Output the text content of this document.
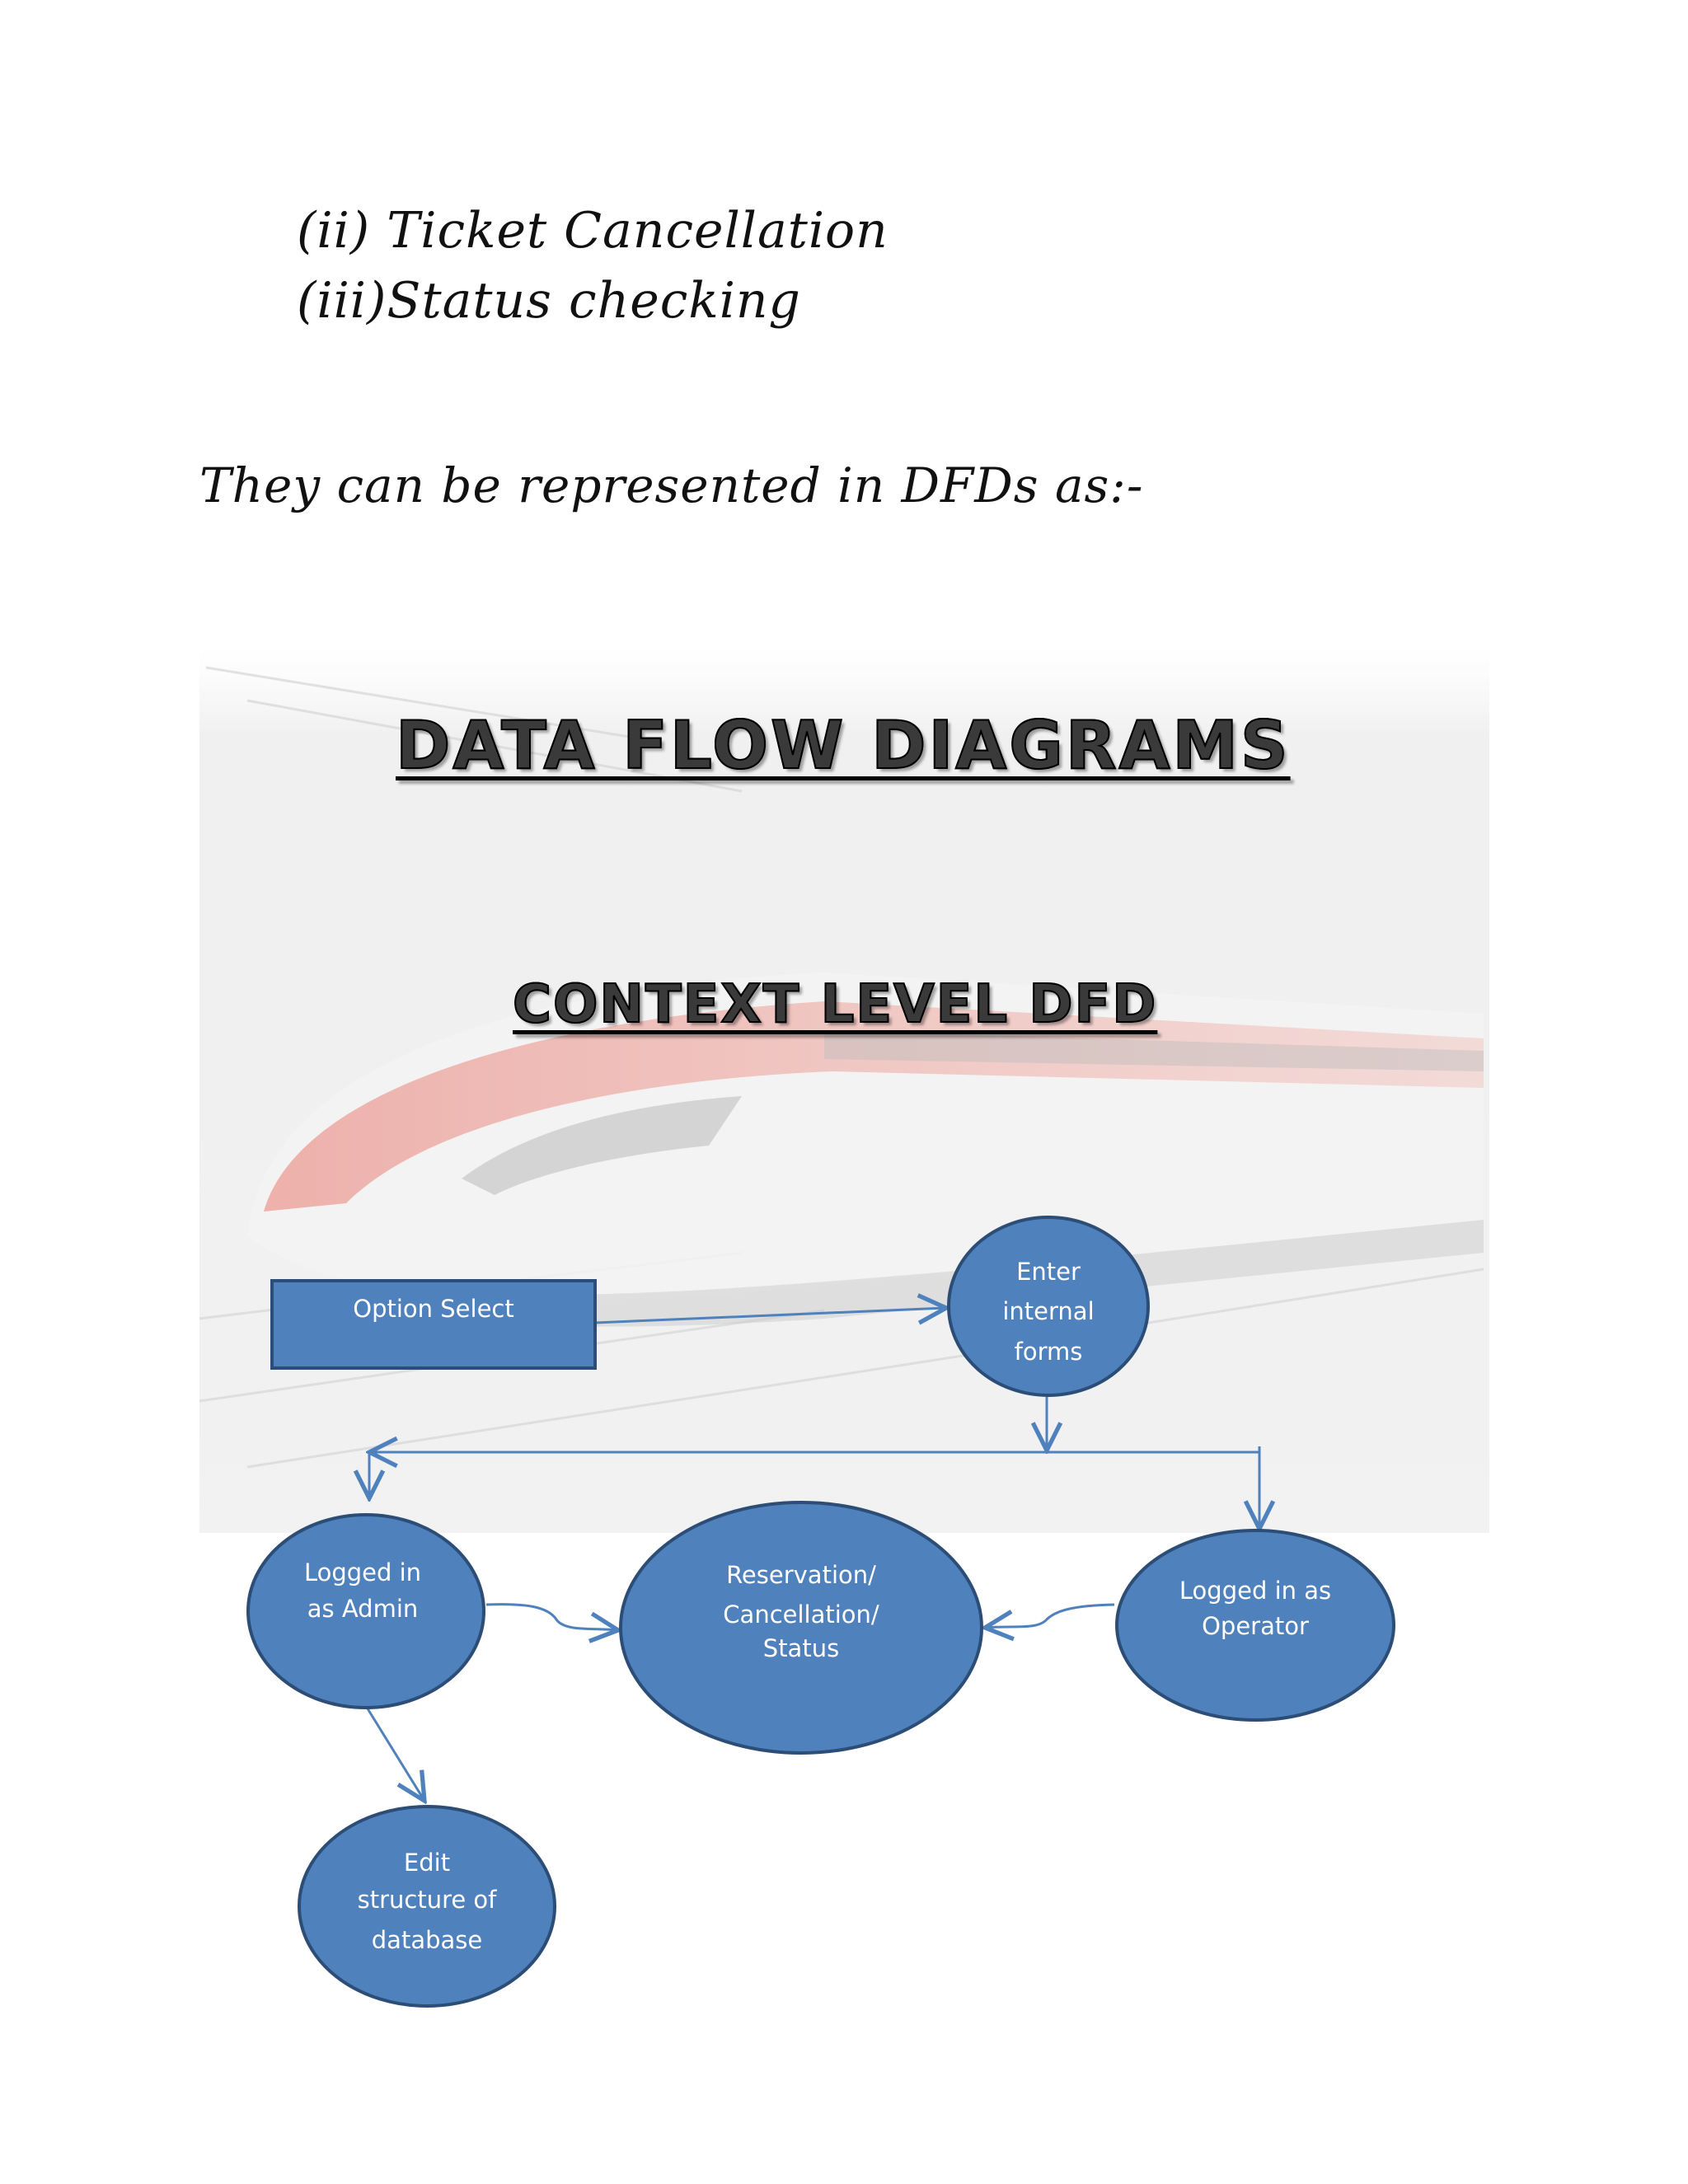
(ii) Ticket Cancellation
(iii)Status checking
They can be represented in DFDs as:-
DATA FLOW DIAGRAMS
CONTEXT LEVEL DFD
Option Select
Enter
internal
forms
Logged in
as Admin
Reservation/
Cancellation/
Status
Logged in as
Operator
Edit
structure of
database
